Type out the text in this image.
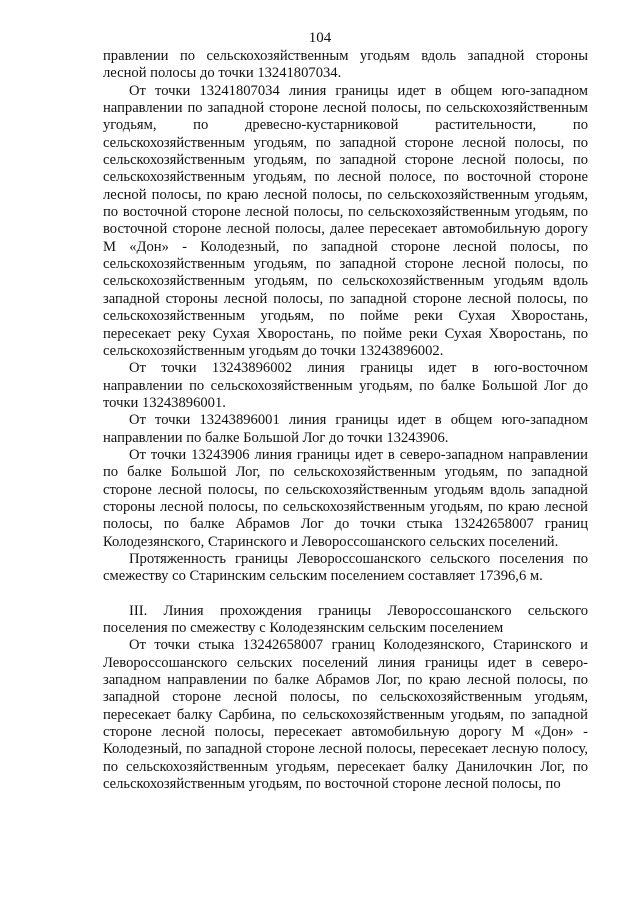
104

правлении по сельскохозяйственным угодьям вдоль западной стороны лесной полосы до точки 13241807034.

От точки 13241807034 линия границы идет в общем юго-западном направлении по западной стороне лесной полосы, по сельскохозяйственным угодьям, по древесно-кустарниковой растительности, по сельскохозяйственным угодьям, по западной стороне лесной полосы, по сельскохозяйственным угодьям, по западной стороне лесной полосы, по сельскохозяйственным угодьям, по лесной полосе, по восточной стороне лесной полосы, по краю лесной полосы, по сельскохозяйственным угодьям, по восточной стороне лесной полосы, по сельскохозяйственным угодьям, по восточной стороне лесной полосы, далее пересекает автомобильную дорогу М «Дон» - Колодезный, по западной стороне лесной полосы, по сельскохозяйственным угодьям, по западной стороне лесной полосы, по сельскохозяйственным угодьям, по сельскохозяйственным угодьям вдоль западной стороны лесной полосы, по западной стороне лесной полосы, по сельскохозяйственным угодьям, по пойме реки Сухая Хворостань, пересекает реку Сухая Хворостань, по пойме реки Сухая Хворостань, по сельскохозяйственным угодьям до точки 13243896002.

От точки 13243896002 линия границы идет в юго-восточном направлении по сельскохозяйственным угодьям, по балке Большой Лог до точки 13243896001.

От точки 13243896001 линия границы идет в общем юго-западном направлении по балке Большой Лог до точки 13243906.

От точки 13243906 линия границы идет в северо-западном направлении по балке Большой Лог, по сельскохозяйственным угодьям, по западной стороне лесной полосы, по сельскохозяйственным угодьям вдоль западной стороны лесной полосы, по сельскохозяйственным угодьям, по краю лесной полосы, по балке Абрамов Лог до точки стыка 13242658007 границ Колодезянского, Старинского и Левороссошанского сельских поселений.

Протяженность границы Левороссошанского сельского поселения по смежеству со Старинским сельским поселением составляет 17396,6 м.

III. Линия прохождения границы Левороссошанского сельского поселения по смежеству с Колодезянским сельским поселением

От точки стыка 13242658007 границ Колодезянского, Старинского и Левороссошанского сельских поселений линия границы идет в северо-западном направлении по балке Абрамов Лог, по краю лесной полосы, по западной стороне лесной полосы, по сельскохозяйственным угодьям, пересекает балку Сарбина, по сельскохозяйственным угодьям, по западной стороне лесной полосы, пересекает автомобильную дорогу М «Дон» - Колодезный, по западной стороне лесной полосы, пересекает лесную полосу, по сельскохозяйственным угодьям, пересекает балку Данилочкин Лог, по сельскохозяйственным угодьям, по восточной стороне лесной полосы, по
